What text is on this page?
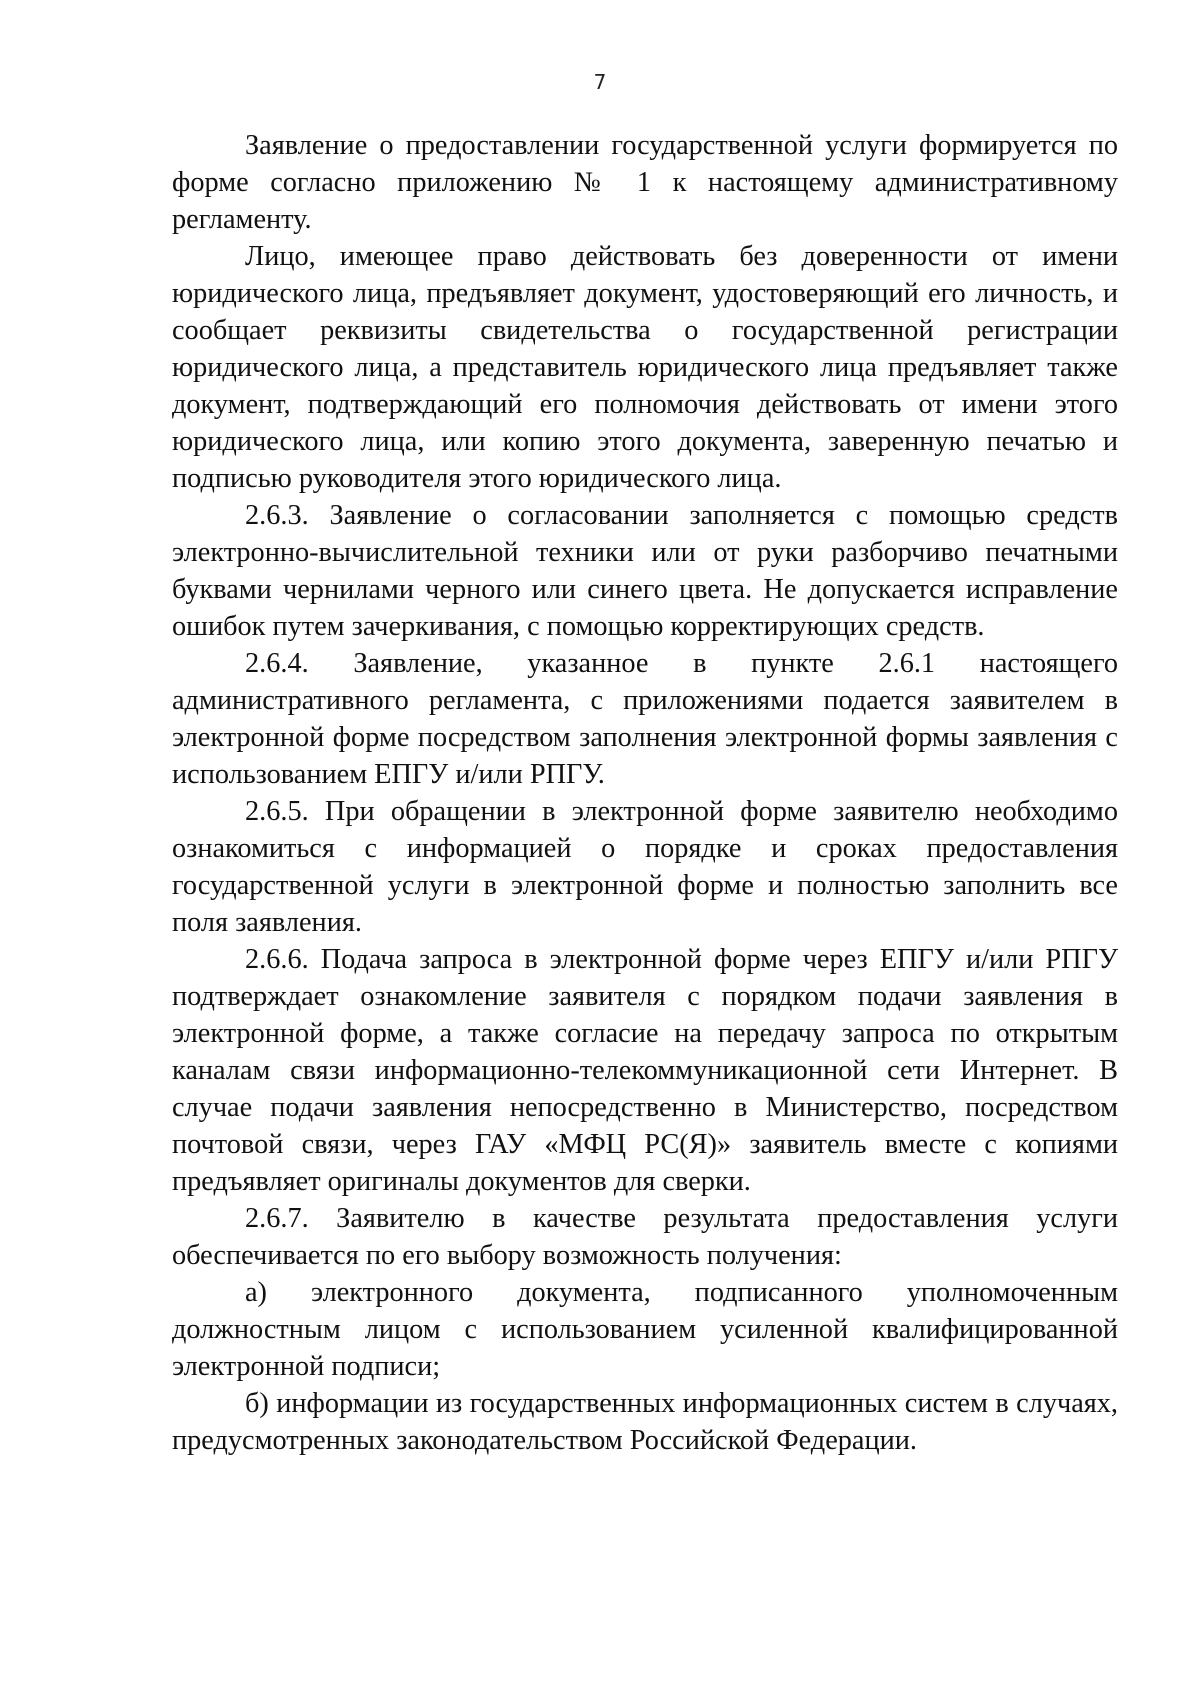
7

Заявление о предоставлении государственной услуги формируется по форме согласно приложению № 1 к настоящему административному регламенту.

Лицо, имеющее право действовать без доверенности от имени юридического лица, предъявляет документ, удостоверяющий его личность, и сообщает реквизиты свидетельства о государственной регистрации юридического лица, а представитель юридического лица предъявляет также документ, подтверждающий его полномочия действовать от имени этого юридического лица, или копию этого документа, заверенную печатью и подписью руководителя этого юридического лица.

2.6.3. Заявление о согласовании заполняется с помощью средств электронно-вычислительной техники или от руки разборчиво печатными буквами чернилами черного или синего цвета. Не допускается исправление ошибок путем зачеркивания, с помощью корректирующих средств.

2.6.4. Заявление, указанное в пункте 2.6.1 настоящего административного регламента, с приложениями подается заявителем в электронной форме посредством заполнения электронной формы заявления с использованием ЕПГУ и/или РПГУ.

2.6.5. При обращении в электронной форме заявителю необходимо ознакомиться с информацией о порядке и сроках предоставления государственной услуги в электронной форме и полностью заполнить все поля заявления.

2.6.6. Подача запроса в электронной форме через ЕПГУ и/или РПГУ подтверждает ознакомление заявителя с порядком подачи заявления в электронной форме, а также согласие на передачу запроса по открытым каналам связи информационно-телекоммуникационной сети Интернет. В случае подачи заявления непосредственно в Министерство, посредством почтовой связи, через ГАУ «МФЦ РС(Я)» заявитель вместе с копиями предъявляет оригиналы документов для сверки.

2.6.7. Заявителю в качестве результата предоставления услуги обеспечивается по его выбору возможность получения:

а) электронного документа, подписанного уполномоченным должностным лицом с использованием усиленной квалифицированной электронной подписи;

б) информации из государственных информационных систем в случаях, предусмотренных законодательством Российской Федерации.
